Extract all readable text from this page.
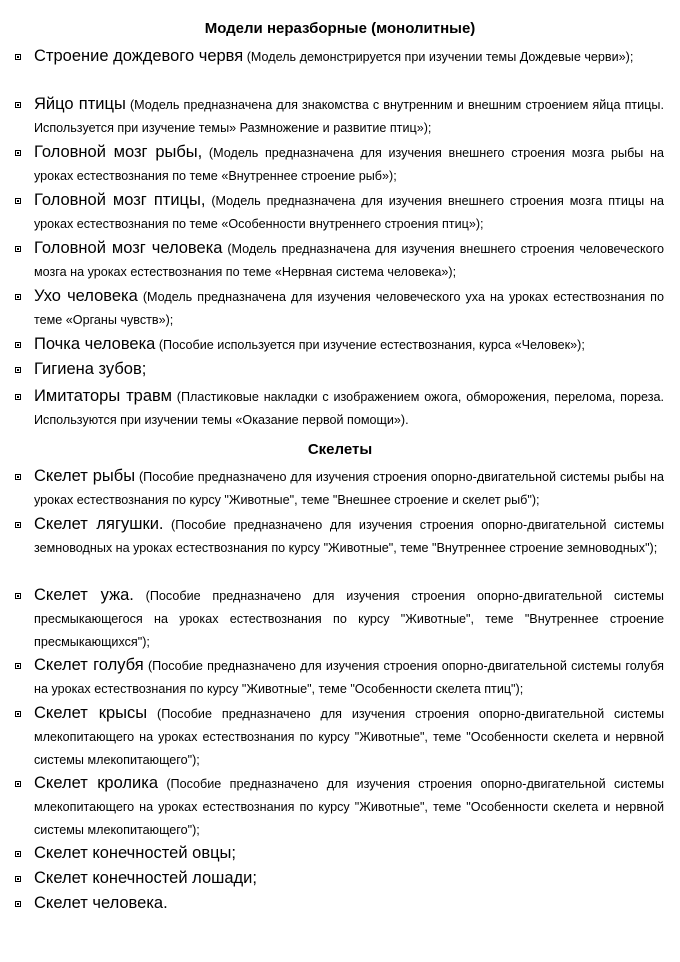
Модели неразборные (монолитные)
Строение дождевого червя (Модель демонстрируется при изучении темы Дождевые черви»);
Яйцо птицы (Модель предназначена для знакомства с внутренним и внешним строением яйца птицы. Используется при изучение темы» Размножение и развитие птиц»);
Головной мозг рыбы, (Модель предназначена для изучения внешнего строения мозга рыбы на уроках естествознания по теме «Внутреннее строение рыб»);
Головной мозг птицы, (Модель предназначена для изучения внешнего строения мозга птицы на уроках естествознания по теме «Особенности внутреннего строения птиц»);
Головной мозг человека (Модель предназначена для изучения внешнего строения человеческого мозга на уроках естествознания по теме «Нервная система человека»);
Ухо человека (Модель предназначена для изучения человеческого уха на уроках естествознания по теме «Органы чувств»);
Почка человека (Пособие используется при изучение естествознания, курса «Человек»);
Гигиена зубов;
Имитаторы травм (Пластиковые накладки с изображением ожога, обморожения, перелома, пореза. Используются при изучении темы «Оказание первой помощи»).
Скелеты
Скелет рыбы (Пособие предназначено для изучения строения опорно-двигательной системы рыбы на уроках естествознания по курсу "Животные", теме "Внешнее строение и скелет рыб");
Скелет лягушки. (Пособие предназначено для изучения строения опорно-двигательной системы земноводных на уроках естествознания по курсу "Животные", теме "Внутреннее строение земноводных");
Скелет ужа. (Пособие предназначено для изучения строения опорно-двигательной системы пресмыкающегося на уроках естествознания по курсу "Животные", теме "Внутреннее строение пресмыкающихся");
Скелет голубя (Пособие предназначено для изучения строения опорно-двигательной системы голубя на уроках естествознания по курсу "Животные", теме "Особенности скелета птиц");
Скелет крысы (Пособие предназначено для изучения строения опорно-двигательной системы млекопитающего на уроках естествознания по курсу "Животные", теме "Особенности скелета и нервной системы млекопитающего");
Скелет кролика (Пособие предназначено для изучения строения опорно-двигательной системы млекопитающего на уроках естествознания по курсу "Животные", теме "Особенности скелета и нервной системы млекопитающего");
Скелет конечностей овцы;
Скелет конечностей лошади;
Скелет человека.
